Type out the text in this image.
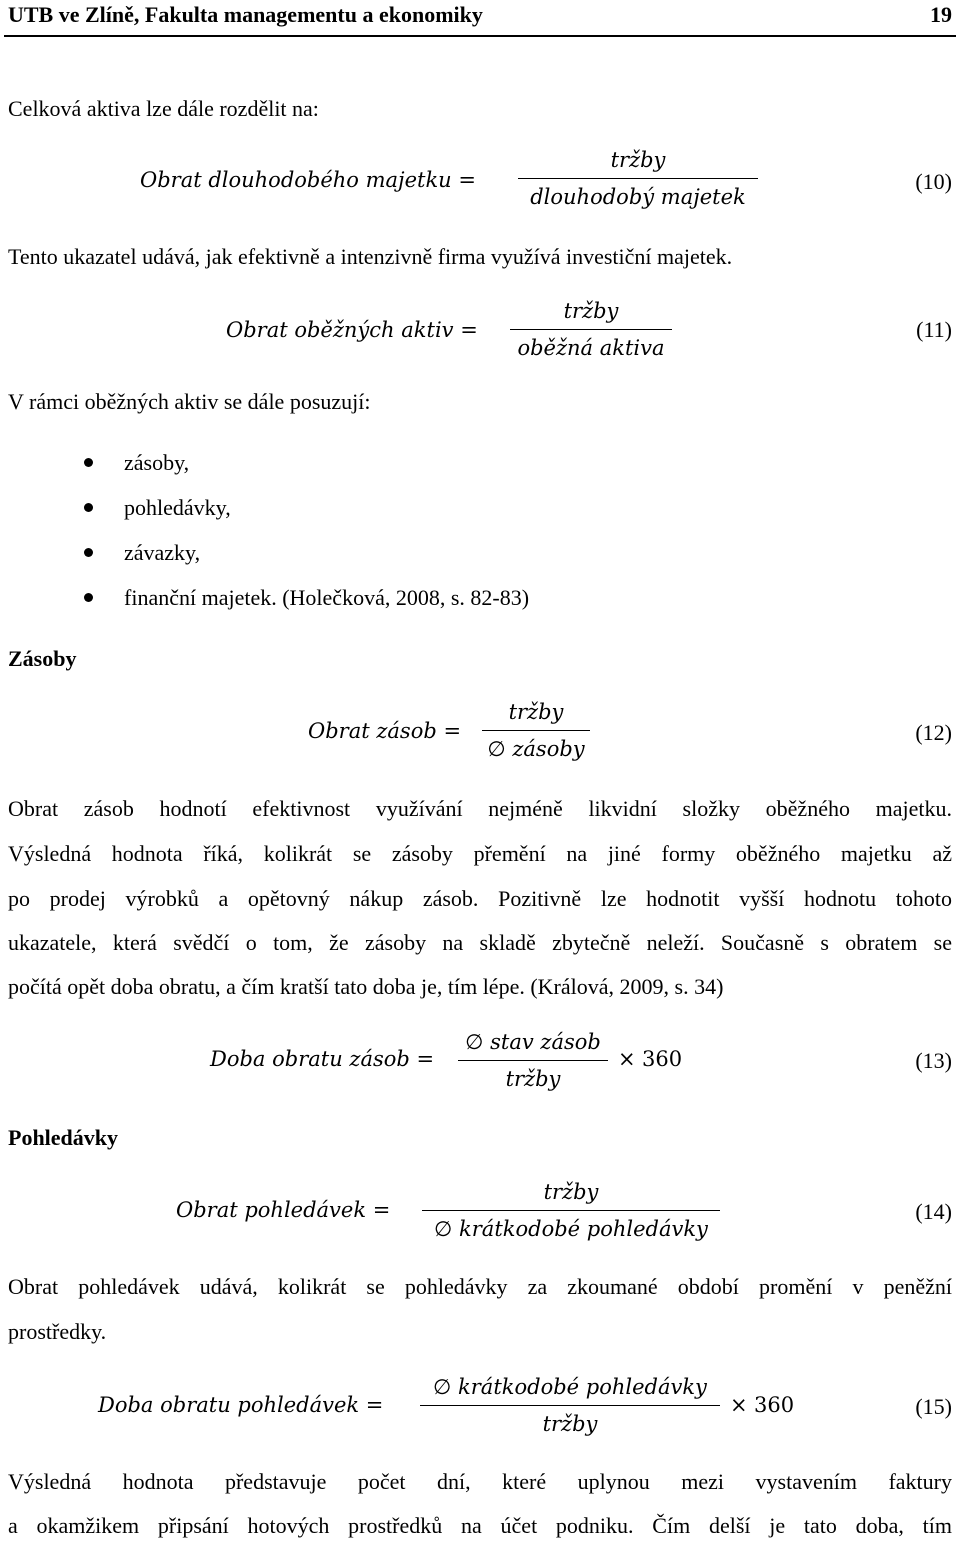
UTB ve Zlíně, Fakulta managementu a ekonomiky	19
Celková aktiva lze dále rozdělit na:
Obrat dlouhodobého majetku =
tržby
dlouhodobý majetek
(10)
Tento ukazatel udává, jak efektivně a intenzivně firma využívá investiční majetek.
Obrat oběžných aktiv =
tržby
oběžná aktiva
(11)
V rámci oběžných aktiv se dále posuzují:
zásoby,
pohledávky,
závazky,
finanční majetek. (Holečková, 2008, s. 82-83)
Zásoby
Obrat zásob =
tržby
∅ zásoby
(12)
Obrat zásob hodnotí efektivnost využívání nejméně likvidní složky oběžného majetku.
Výsledná hodnota říká, kolikrát se zásoby přemění na jiné formy oběžného majetku až
po prodej výrobků a opětovný nákup zásob. Pozitivně lze hodnotit vyšší hodnotu tohoto
ukazatele, která svědčí o tom, že zásoby na skladě zbytečně neleží. Současně s obratem se
počítá opět doba obratu, a čím kratší tato doba je, tím lépe. (Králová, 2009, s. 34)
Doba obratu zásob =
∅ stav zásob
tržby
× 360	(13)
Pohledávky
Obrat pohledávek =
tržby
∅ krátkodobé pohledávky
(14)
Obrat pohledávek udává, kolikrát se pohledávky za zkoumané období promění v peněžní
prostředky.
Doba obratu pohledávek =
∅ krátkodobé pohledávky
tržby
× 360	(15)
Výsledná hodnota představuje počet dní, které uplynou mezi vystavením faktury
a okamžikem připsání hotových prostředků na účet podniku. Čím delší je tato doba, tím
